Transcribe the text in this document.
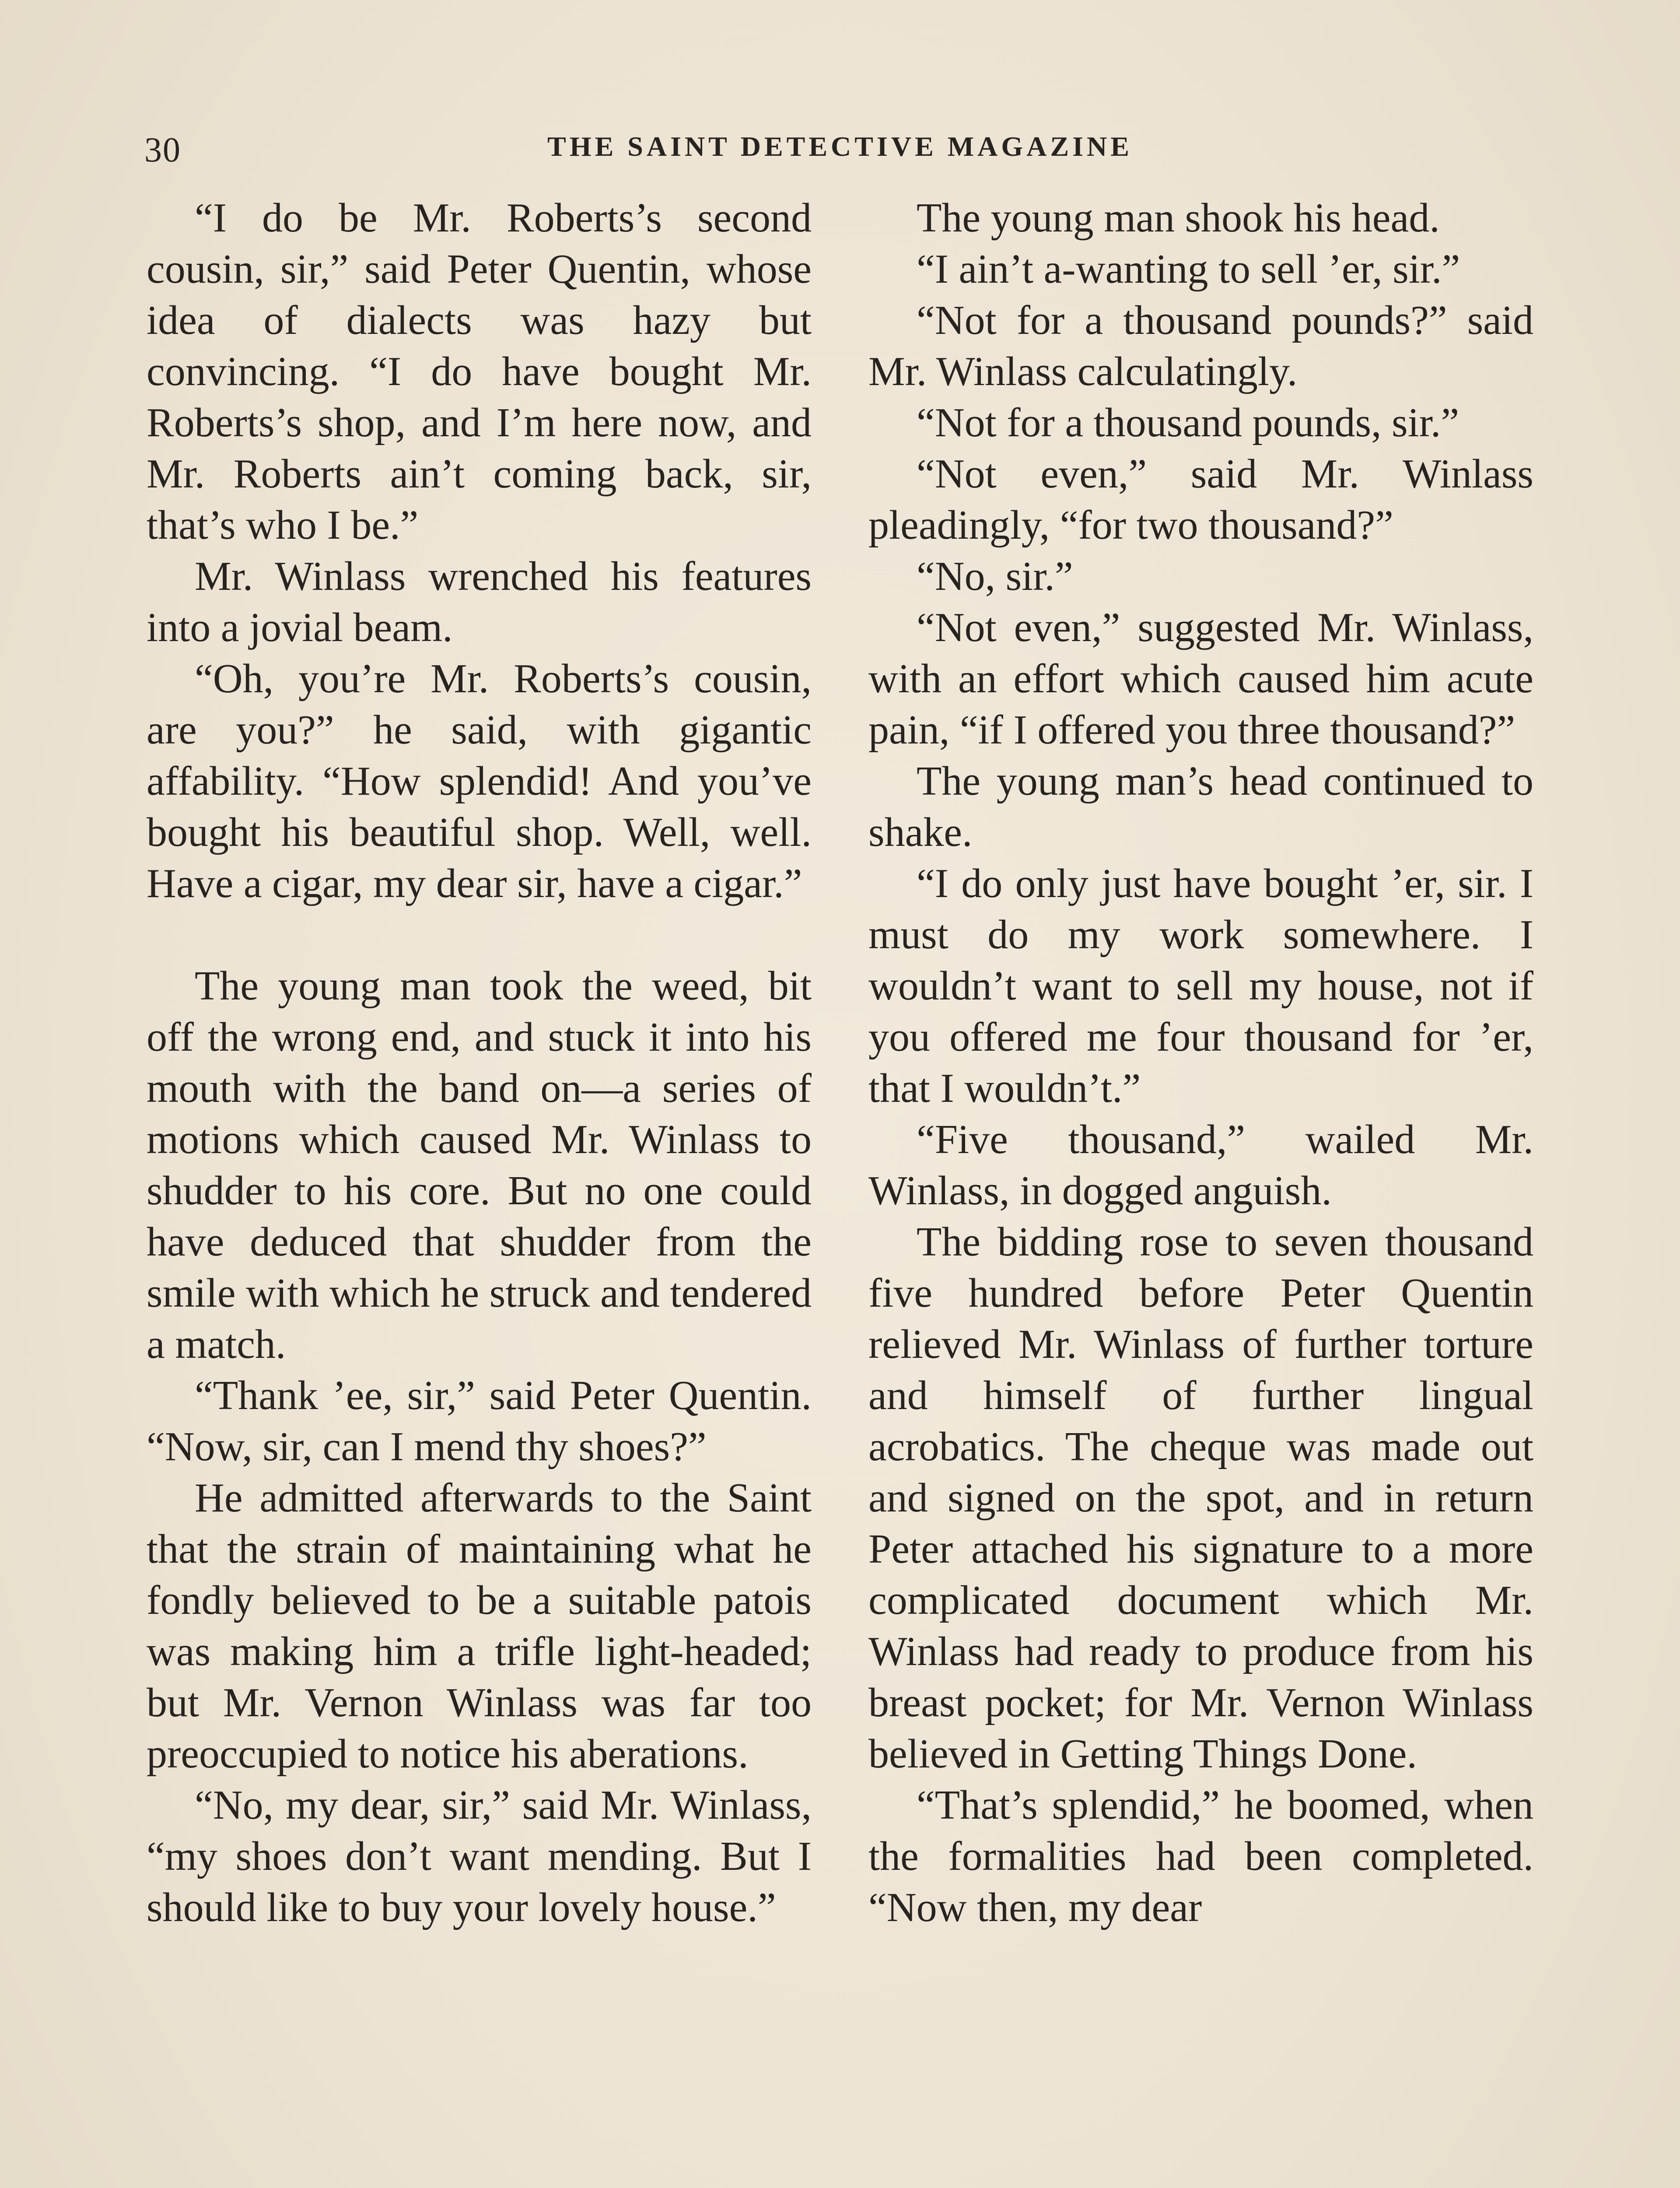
30	THE SAINT DETECTIVE MAGAZINE

“I do be Mr. Roberts’s second cousin, sir,” said Peter Quentin, whose idea of dialects was hazy but convincing. “I do have bought Mr. Roberts’s shop, and I’m here now, and Mr. Roberts ain’t coming back, sir, that’s who I be.”

Mr. Winlass wrenched his features into a jovial beam.

“Oh, you’re Mr. Roberts’s cousin, are you?” he said, with gigantic affability. “How splendid! And you’ve bought his beautiful shop. Well, well. Have a cigar, my dear sir, have a cigar.”

The young man took the weed, bit off the wrong end, and stuck it into his mouth with the band on—a series of motions which caused Mr. Winlass to shudder to his core. But no one could have deduced that shudder from the smile with which he struck and tendered a match.

“Thank ’ee, sir,” said Peter Quentin. “Now, sir, can I mend thy shoes?”

He admitted afterwards to the Saint that the strain of maintaining what he fondly believed to be a suitable patois was making him a trifle light-headed; but Mr. Vernon Winlass was far too preoccupied to notice his aberations.

“No, my dear, sir,” said Mr. Winlass, “my shoes don’t want mending. But I should like to buy your lovely house.”

The young man shook his head.

“I ain’t a-wanting to sell ’er, sir.”

“Not for a thousand pounds?” said Mr. Winlass calculatingly.

“Not for a thousand pounds, sir.”

“Not even,” said Mr. Winlass pleadingly, “for two thousand?”

“No, sir.”

“Not even,” suggested Mr. Winlass, with an effort which caused him acute pain, “if I offered you three thousand?”

The young man’s head continued to shake.

“I do only just have bought ’er, sir. I must do my work somewhere. I wouldn’t want to sell my house, not if you offered me four thousand for ’er, that I wouldn’t.”

“Five thousand,” wailed Mr. Winlass, in dogged anguish.

The bidding rose to seven thousand five hundred before Peter Quentin relieved Mr. Winlass of further torture and himself of further lingual acrobatics. The cheque was made out and signed on the spot, and in return Peter attached his signature to a more complicated document which Mr. Winlass had ready to produce from his breast pocket; for Mr. Vernon Winlass believed in Getting Things Done.

“That’s splendid,” he boomed, when the formalities had been completed. “Now then, my dear
